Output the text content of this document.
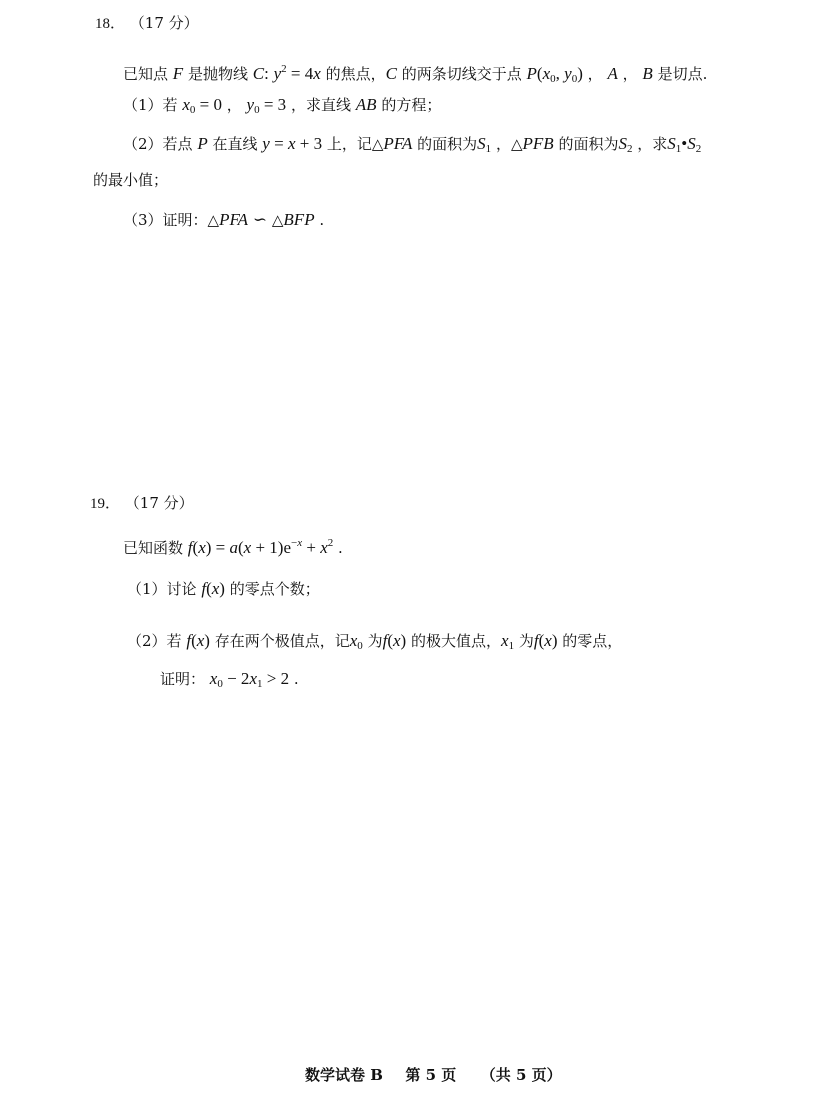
18． （17 分）
已知点 F 是抛物线 C: $y^2 = 4x$ 的焦点，C 的两条切线交于点 $P(x_0$, $y_0$) ， A ， B 是切点.
（1）若 $x_0 = 0$ ， $y_0 = 3$ ，求直线 AB 的方程；
（2）若点 P 在直线 y = x + 3 上，记△PFA 的面积为$S_1$ ，△PFB 的面积为$S_2$ ，求$S_1•S_2$
的最小值；
（3）证明：△PFA ∽ △BFP .
19． （17 分）
已知函数 $f(x) = a(x + 1)e^{-x} + x^2$ .
（1）讨论 f(x) 的零点个数；
（2）若 f(x) 存在两个极值点，记$x_0$ 为f(x) 的极大值点，$x_1$ 为f(x) 的零点，
证明： $x_0 - 2x_1 > 2$ .
数学试卷 B 第 5 页 （共 5 页）
